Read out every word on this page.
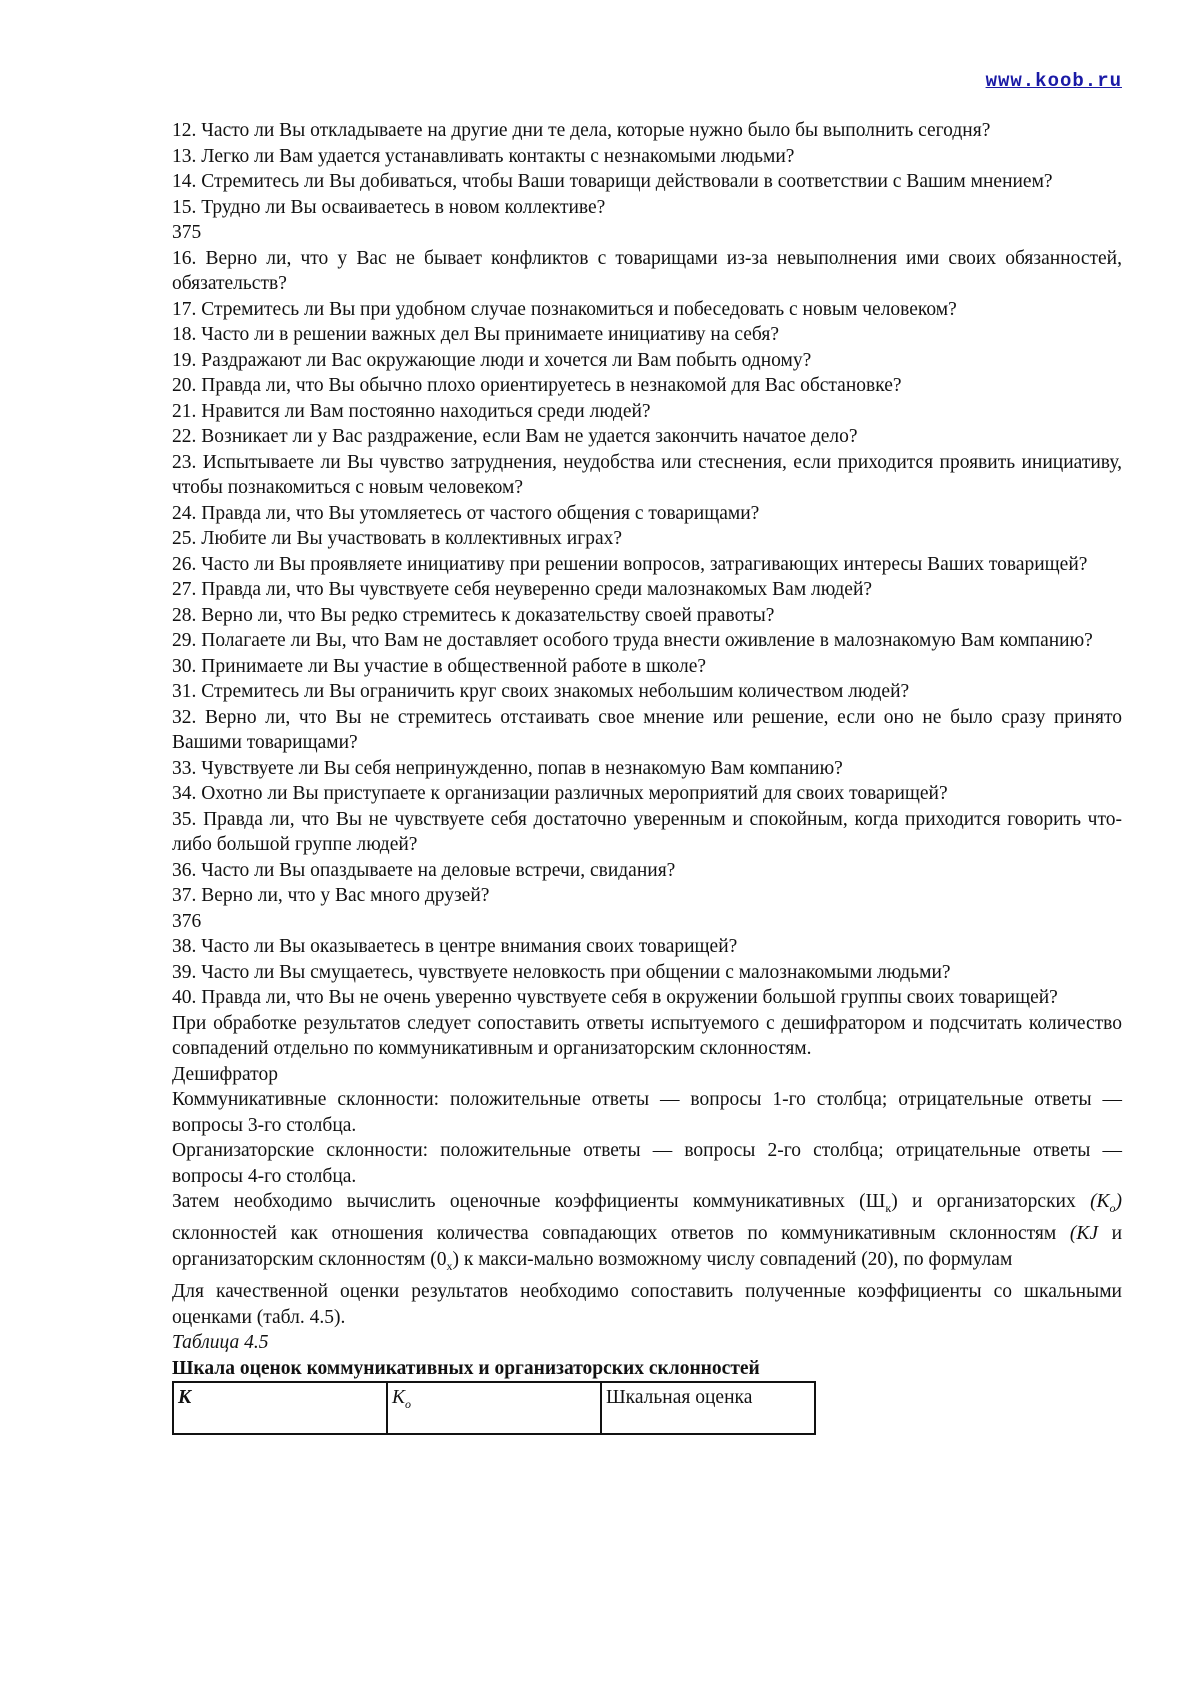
www.koob.ru
12. Часто ли Вы откладываете на другие дни те дела, которые нужно было бы выполнить сегодня?
13. Легко ли Вам удается устанавливать контакты с незнакомыми людьми?
14. Стремитесь ли Вы добиваться, чтобы Ваши товарищи действовали в соответствии с Вашим мнением?
15. Трудно ли Вы осваиваетесь в новом коллективе?
375
16. Верно ли, что у Вас не бывает конфликтов с товарищами из-за невыполнения ими своих обязанностей, обязательств?
17. Стремитесь ли Вы при удобном случае познакомиться и побеседовать с новым человеком?
18. Часто ли в решении важных дел Вы принимаете инициативу на себя?
19. Раздражают ли Вас окружающие люди и хочется ли Вам побыть одному?
20. Правда ли, что Вы обычно плохо ориентируетесь в незнакомой для Вас обстановке?
21. Нравится ли Вам постоянно находиться среди людей?
22. Возникает ли у Вас раздражение, если Вам не удается закончить начатое дело?
23. Испытываете ли Вы чувство затруднения, неудобства или стеснения, если приходится проявить инициативу, чтобы познакомиться с новым человеком?
24. Правда ли, что Вы утомляетесь от частого общения с товарищами?
25. Любите ли Вы участвовать в коллективных играх?
26. Часто ли Вы проявляете инициативу при решении вопросов, затрагивающих интересы Ваших товарищей?
27. Правда ли, что Вы чувствуете себя неуверенно среди малознакомых Вам людей?
28. Верно ли, что Вы редко стремитесь к доказательству своей правоты?
29. Полагаете ли Вы, что Вам не доставляет особого труда внести оживление в малознакомую Вам компанию?
30. Принимаете ли Вы участие в общественной работе в школе?
31. Стремитесь ли Вы ограничить круг своих знакомых небольшим количеством людей?
32. Верно ли, что Вы не стремитесь отстаивать свое мнение или решение, если оно не было сразу принято Вашими товарищами?
33. Чувствуете ли Вы себя непринужденно, попав в незнакомую Вам компанию?
34. Охотно ли Вы приступаете к организации различных мероприятий для своих товарищей?
35. Правда ли, что Вы не чувствуете себя достаточно уверенным и спокойным, когда приходится говорить что-либо большой группе людей?
36. Часто ли Вы опаздываете на деловые встречи, свидания?
37. Верно ли, что у Вас много друзей?
376
38. Часто ли Вы оказываетесь в центре внимания своих товарищей?
39. Часто ли Вы смущаетесь, чувствуете неловкость при общении с малознакомыми людьми?
40. Правда ли, что Вы не очень уверенно чувствуете себя в окружении большой группы своих товарищей?
При обработке результатов следует сопоставить ответы испытуемого с дешифратором и подсчитать количество совпадений отдельно по коммуникативным и организаторским склонностям.
Дешифратор
Коммуникативные склонности: положительные ответы — вопросы 1-го столбца; отрицательные ответы — вопросы 3-го столбца.
Организаторские склонности: положительные ответы — вопросы 2-го столбца; отрицательные ответы — вопросы 4-го столбца.
Затем необходимо вычислить оценочные коэффициенты коммуникативных (Шк) и организаторских (Ко) склонностей как отношения количества совпадающих ответов по коммуникативным склонностям (KJ и организаторским склонностям (0х) к макси-мально возможному числу совпадений (20), по формулам
Для качественной оценки результатов необходимо сопоставить полученные коэффициенты со шкальными оценками (табл. 4.5).
Таблица 4.5
Шкала оценок коммуникативных и организаторских склонностей
К	Ко	Шкальная оценка
